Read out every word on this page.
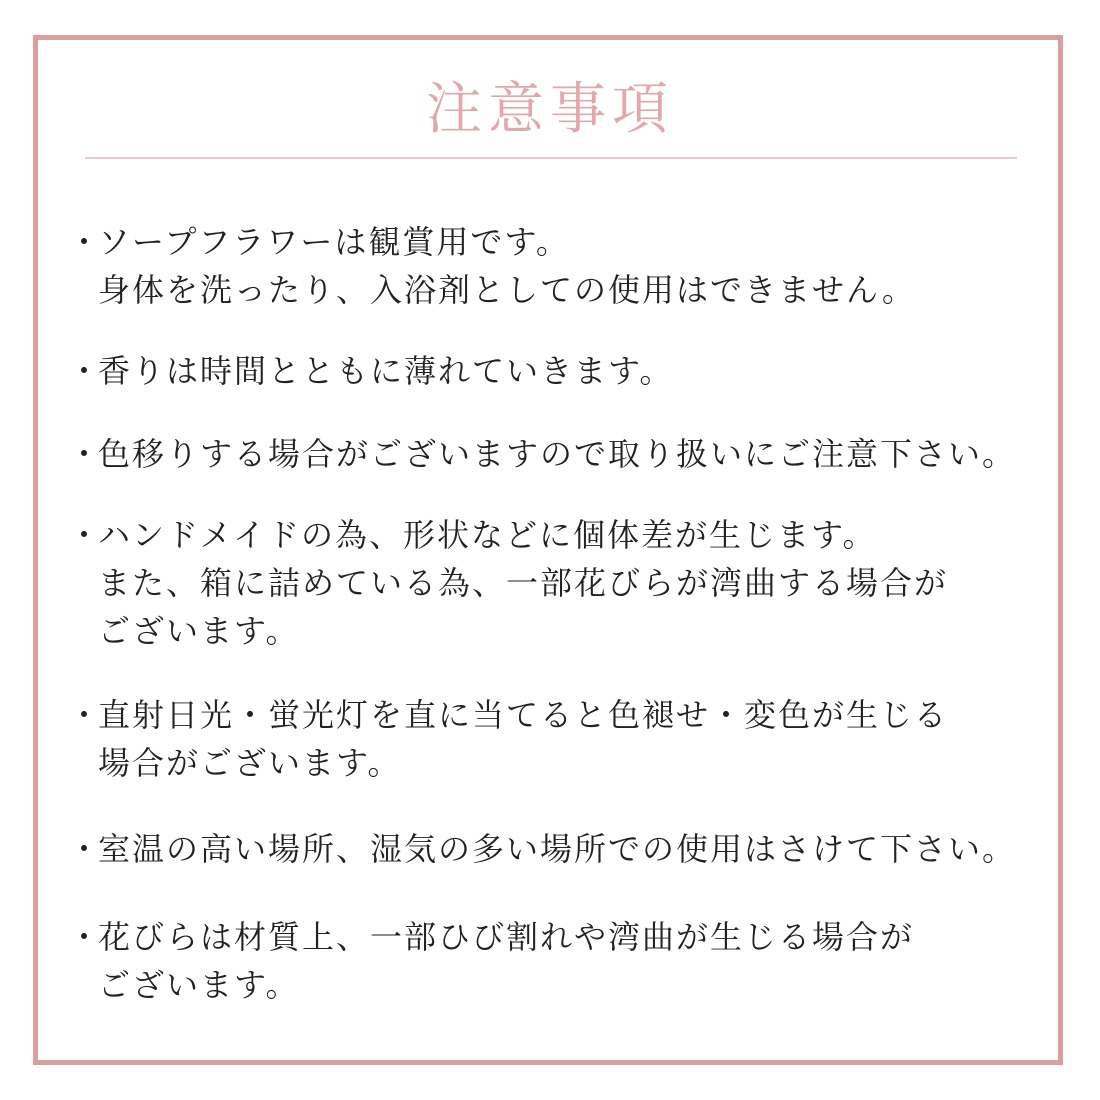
注意事項
・ソープフラワーは観賞用です。
身体を洗ったり、入浴剤としての使用はできません。
・香りは時間とともに薄れていきます。
・色移りする場合がございますので取り扱いにご注意下さい。
・ハンドメイドの為、形状などに個体差が生じます。
また、箱に詰めている為、一部花びらが湾曲する場合が
ございます。
・直射日光・蛍光灯を直に当てると色褪せ・変色が生じる
場合がございます。
・室温の高い場所、湿気の多い場所での使用はさけて下さい。
・花びらは材質上、一部ひび割れや湾曲が生じる場合が
ございます。
